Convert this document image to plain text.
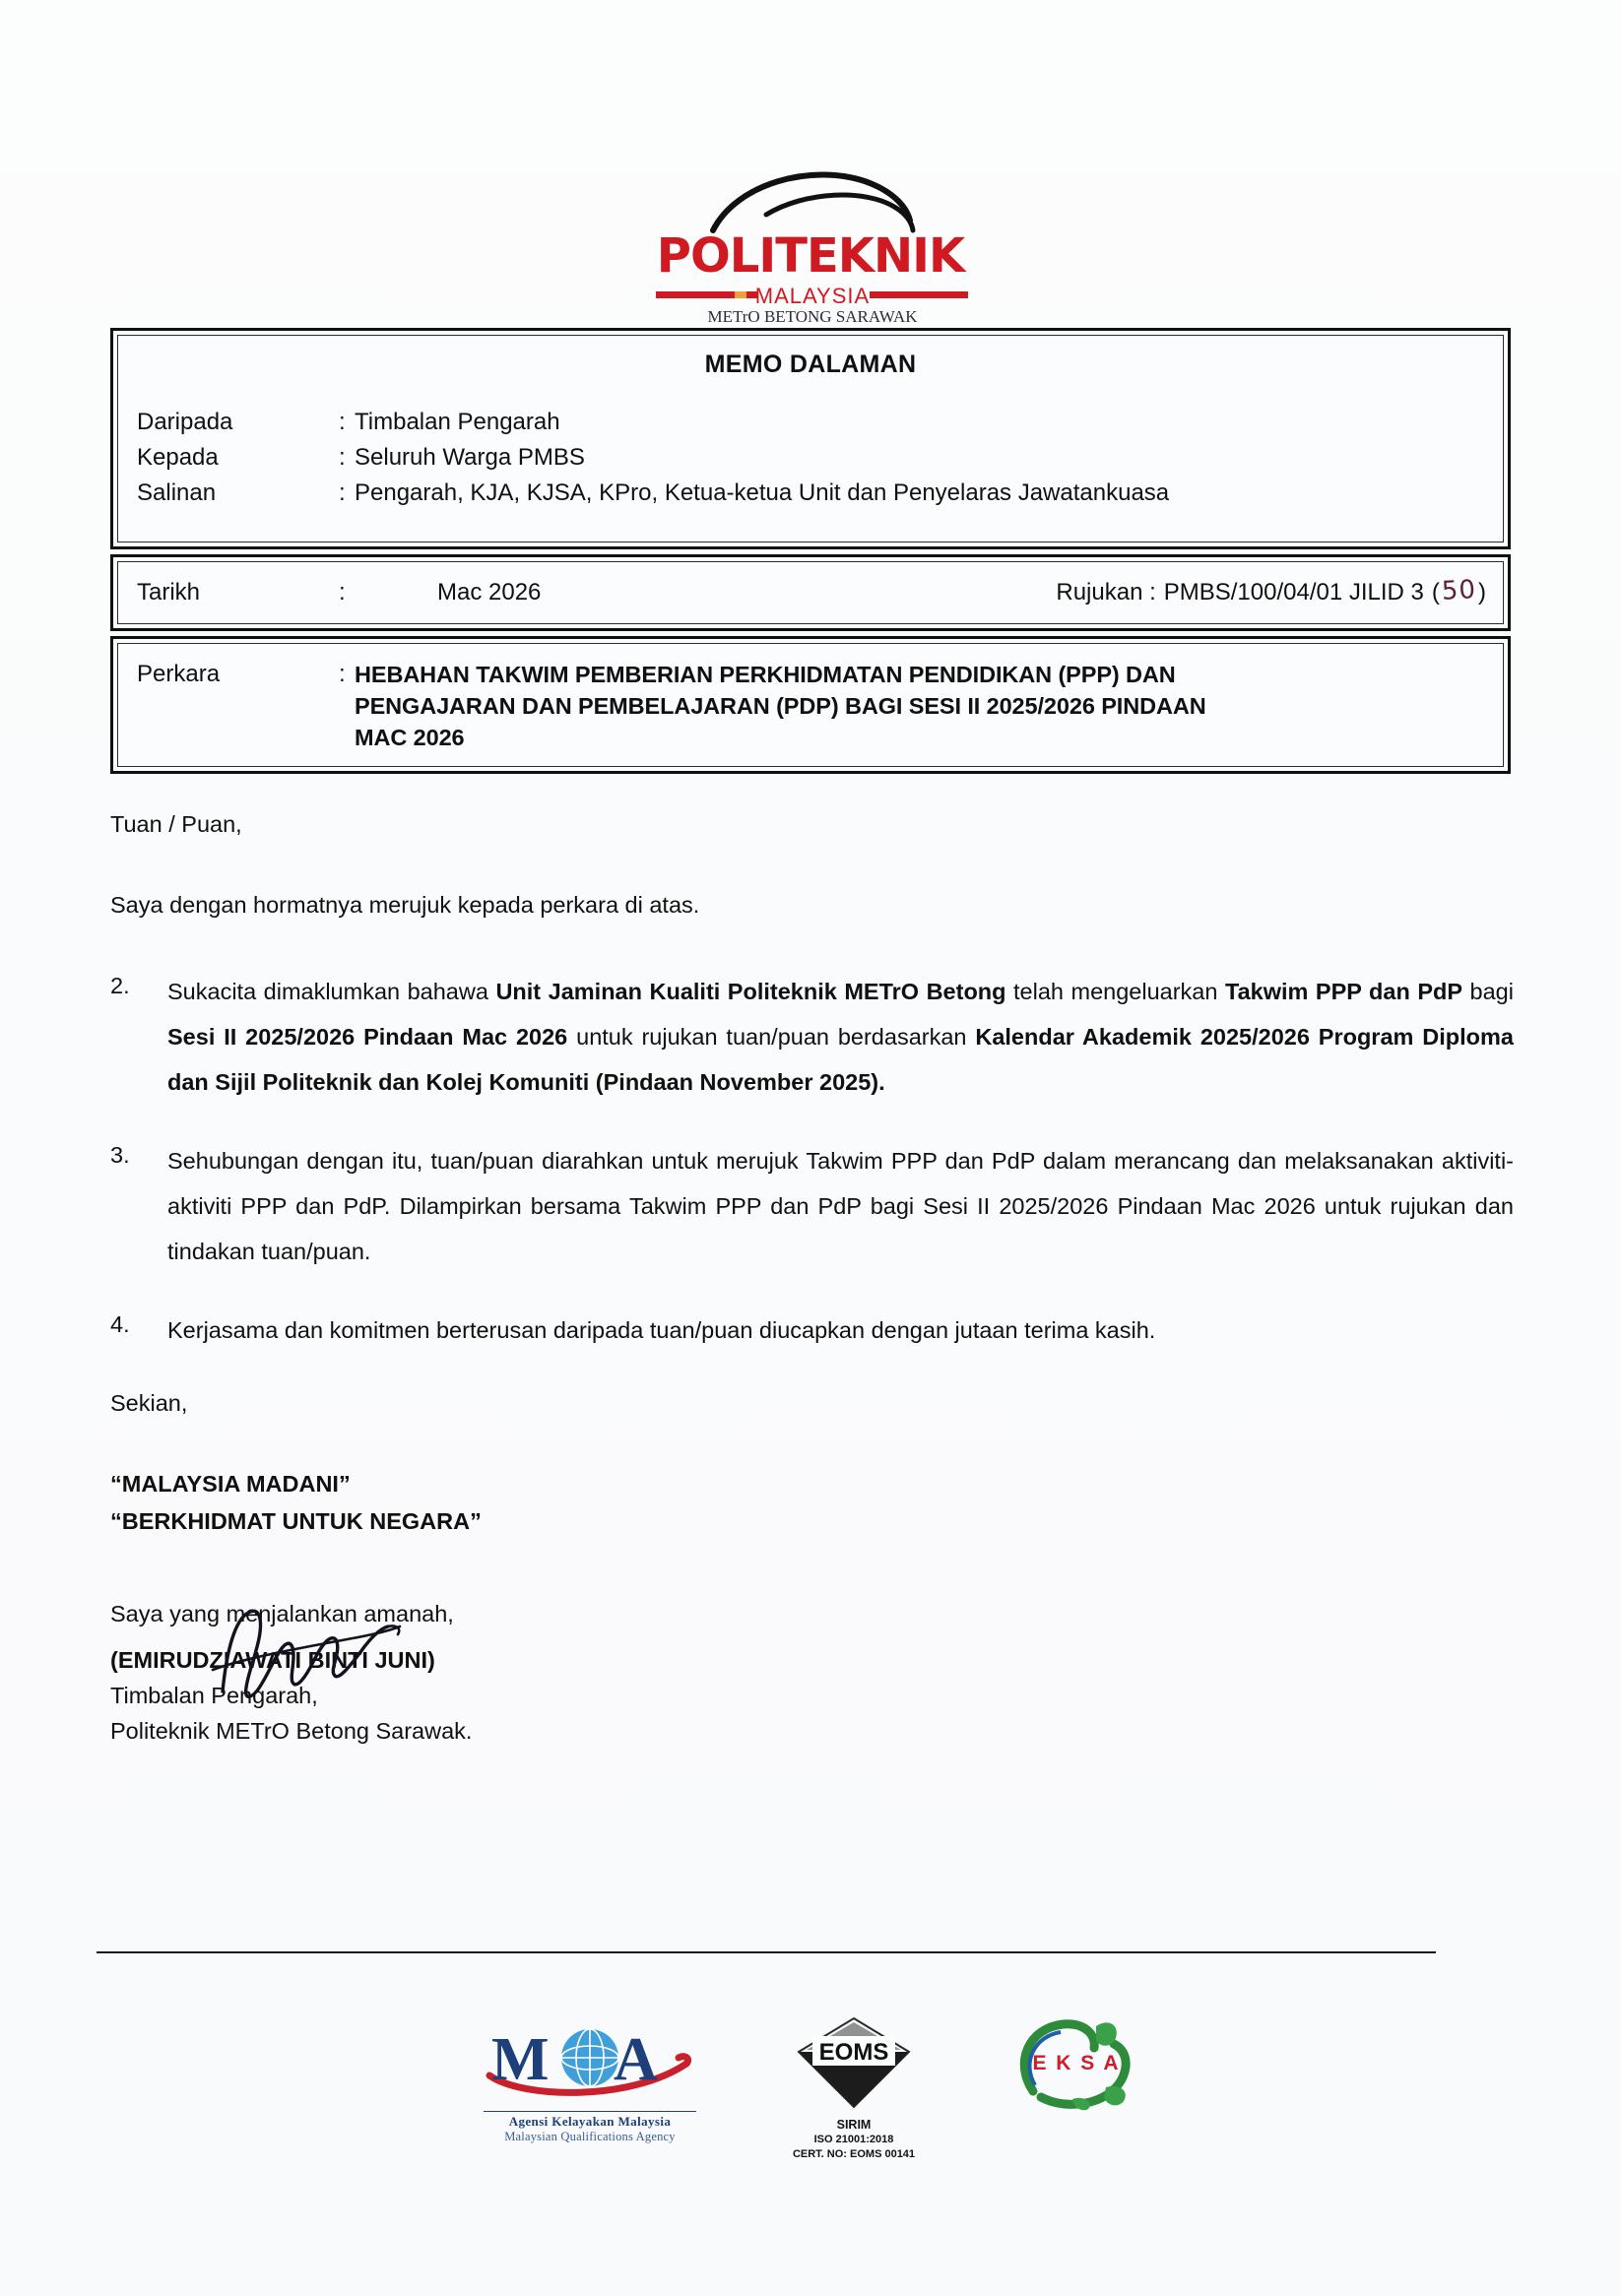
POLITEKNIK
MALAYSIA
METrO BETONG SARAWAK
MEMO DALAMAN
Daripada	: Timbalan Pengarah
Kepada	: Seluruh Warga PMBS
Salinan	: Pengarah, KJA, KJSA, KPro, Ketua-ketua Unit dan Penyelaras Jawatankuasa
Tarikh	:	Mac 2026	Rujukan : PMBS/100/04/01 JILID 3 ( 50 )
Perkara	: HEBAHAN TAKWIM PEMBERIAN PERKHIDMATAN PENDIDIKAN (PPP) DAN
PENGAJARAN DAN PEMBELAJARAN (PDP) BAGI SESI II 2025/2026 PINDAAN
MAC 2026

Tuan / Puan,

Saya dengan hormatnya merujuk kepada perkara di atas.

2.	Sukacita dimaklumkan bahawa Unit Jaminan Kualiti Politeknik METrO Betong telah mengeluarkan Takwim PPP dan PdP bagi Sesi II 2025/2026 Pindaan Mac 2026 untuk rujukan tuan/puan berdasarkan Kalendar Akademik 2025/2026 Program Diploma dan Sijil Politeknik dan Kolej Komuniti (Pindaan November 2025).
3.	Sehubungan dengan itu, tuan/puan diarahkan untuk merujuk Takwim PPP dan PdP dalam merancang dan melaksanakan aktiviti-aktiviti PPP dan PdP. Dilampirkan bersama Takwim PPP dan PdP bagi Sesi II 2025/2026 Pindaan Mac 2026 untuk rujukan dan tindakan tuan/puan.
4.	Kerjasama dan komitmen berterusan daripada tuan/puan diucapkan dengan jutaan terima kasih.

Sekian,

“MALAYSIA MADANI”
“BERKHIDMAT UNTUK NEGARA”

Saya yang menjalankan amanah,

(EMIRUDZIAWATI BINTI JUNI)

Timbalan Pengarah,

Politeknik METrO Betong Sarawak.

M A
Agensi Kelayakan Malaysia
Malaysian Qualifications Agency
EOMS
SIRIM
ISO 21001:2018
CERT. NO: EOMS 00141
E K S A
